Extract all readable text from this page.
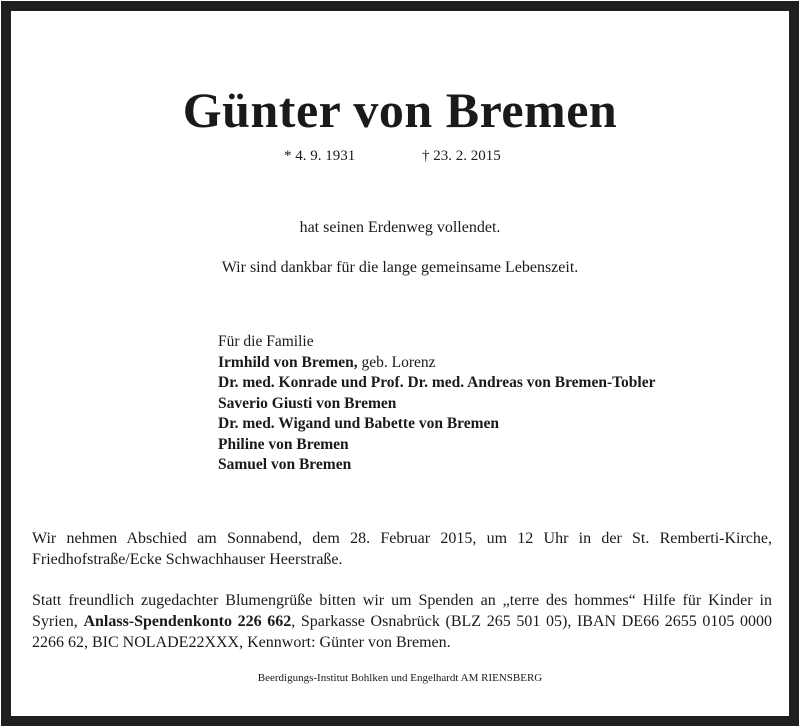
Günter von Bremen
* 4. 9. 1931	† 23. 2. 2015
hat seinen Erdenweg vollendet.
Wir sind dankbar für die lange gemeinsame Lebenszeit.
Für die Familie
Irmhild von Bremen, geb. Lorenz
Dr. med. Konrade und Prof. Dr. med. Andreas von Bremen-Tobler
Saverio Giusti von Bremen
Dr. med. Wigand und Babette von Bremen
Philine von Bremen
Samuel von Bremen
Wir nehmen Abschied am Sonnabend, dem 28. Februar 2015, um 12 Uhr in der St. Remberti-Kirche, Friedhofstraße/Ecke Schwachhauser Heerstraße.
Statt freundlich zugedachter Blumengrüße bitten wir um Spenden an „terre des hommes“ Hilfe für Kinder in Syrien, Anlass-Spendenkonto 226 662, Sparkasse Osnabrück (BLZ 265 501 05), IBAN DE66 2655 0105 0000 2266 62, BIC NOLADE22XXX, Kennwort: Günter von Bremen.
Beerdigungs-Institut Bohlken und Engelhardt AM RIENSBERG
